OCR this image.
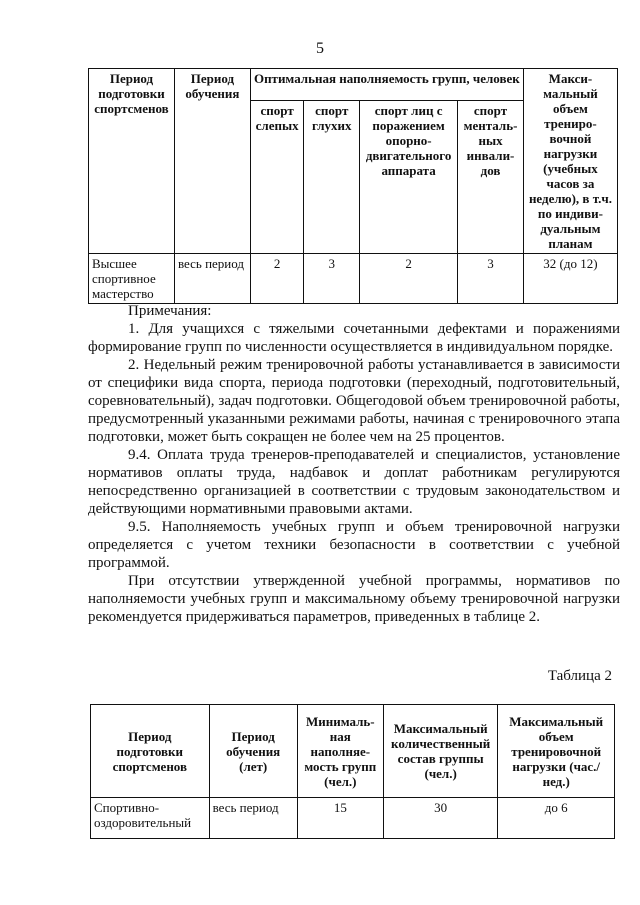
5
Период подготовки спортсменов	Период обучения	Оптимальная наполняемость групп, человек				Макси-мальный объем трениро-вочной нагрузки (учебных часов за неделю), в т.ч. по индиви-дуальным планам
		спорт слепых	спорт глухих	спорт лиц с поражением опорно-двигательного аппарата	спорт менталь-ных инвали-дов	
Высшее спортивное мастерство	весь период	2	3	2	3	32 (до 12)

Примечания:

1. Для учащихся с тяжелыми сочетанными дефектами и поражениями формирование групп по численности осуществляется в индивидуальном порядке.

2. Недельный режим тренировочной работы устанавливается в зависимости от специфики вида спорта, периода подготовки (переходный, подготовительный, соревновательный), задач подготовки. Общегодовой объем тренировочной работы, предусмотренный указанными режимами работы, начиная с тренировочного этапа подготовки, может быть сокращен не более чем на 25 процентов.

9.4. Оплата труда тренеров-преподавателей и специалистов, установление нормативов оплаты труда, надбавок и доплат работникам регулируются непосредственно организацией в соответствии с трудовым законодательством и действующими нормативными правовыми актами.

9.5. Наполняемость учебных групп и объем тренировочной нагрузки определяется с учетом техники безопасности в соответствии с учебной программой.

При отсутствии утвержденной учебной программы, нормативов по наполняемости учебных групп и максимальному объему тренировочной нагрузки рекомендуется придерживаться параметров, приведенных в таблице 2.

Таблица 2
Период подготовки спортсменов	Период обучения (лет)	Минималь-ная наполняе-мость групп (чел.)	Максимальный количественный состав группы (чел.)	Максимальный объем тренировочной нагрузки (час./нед.)
Спортивно-оздоровительный	весь период	15	30	до 6
